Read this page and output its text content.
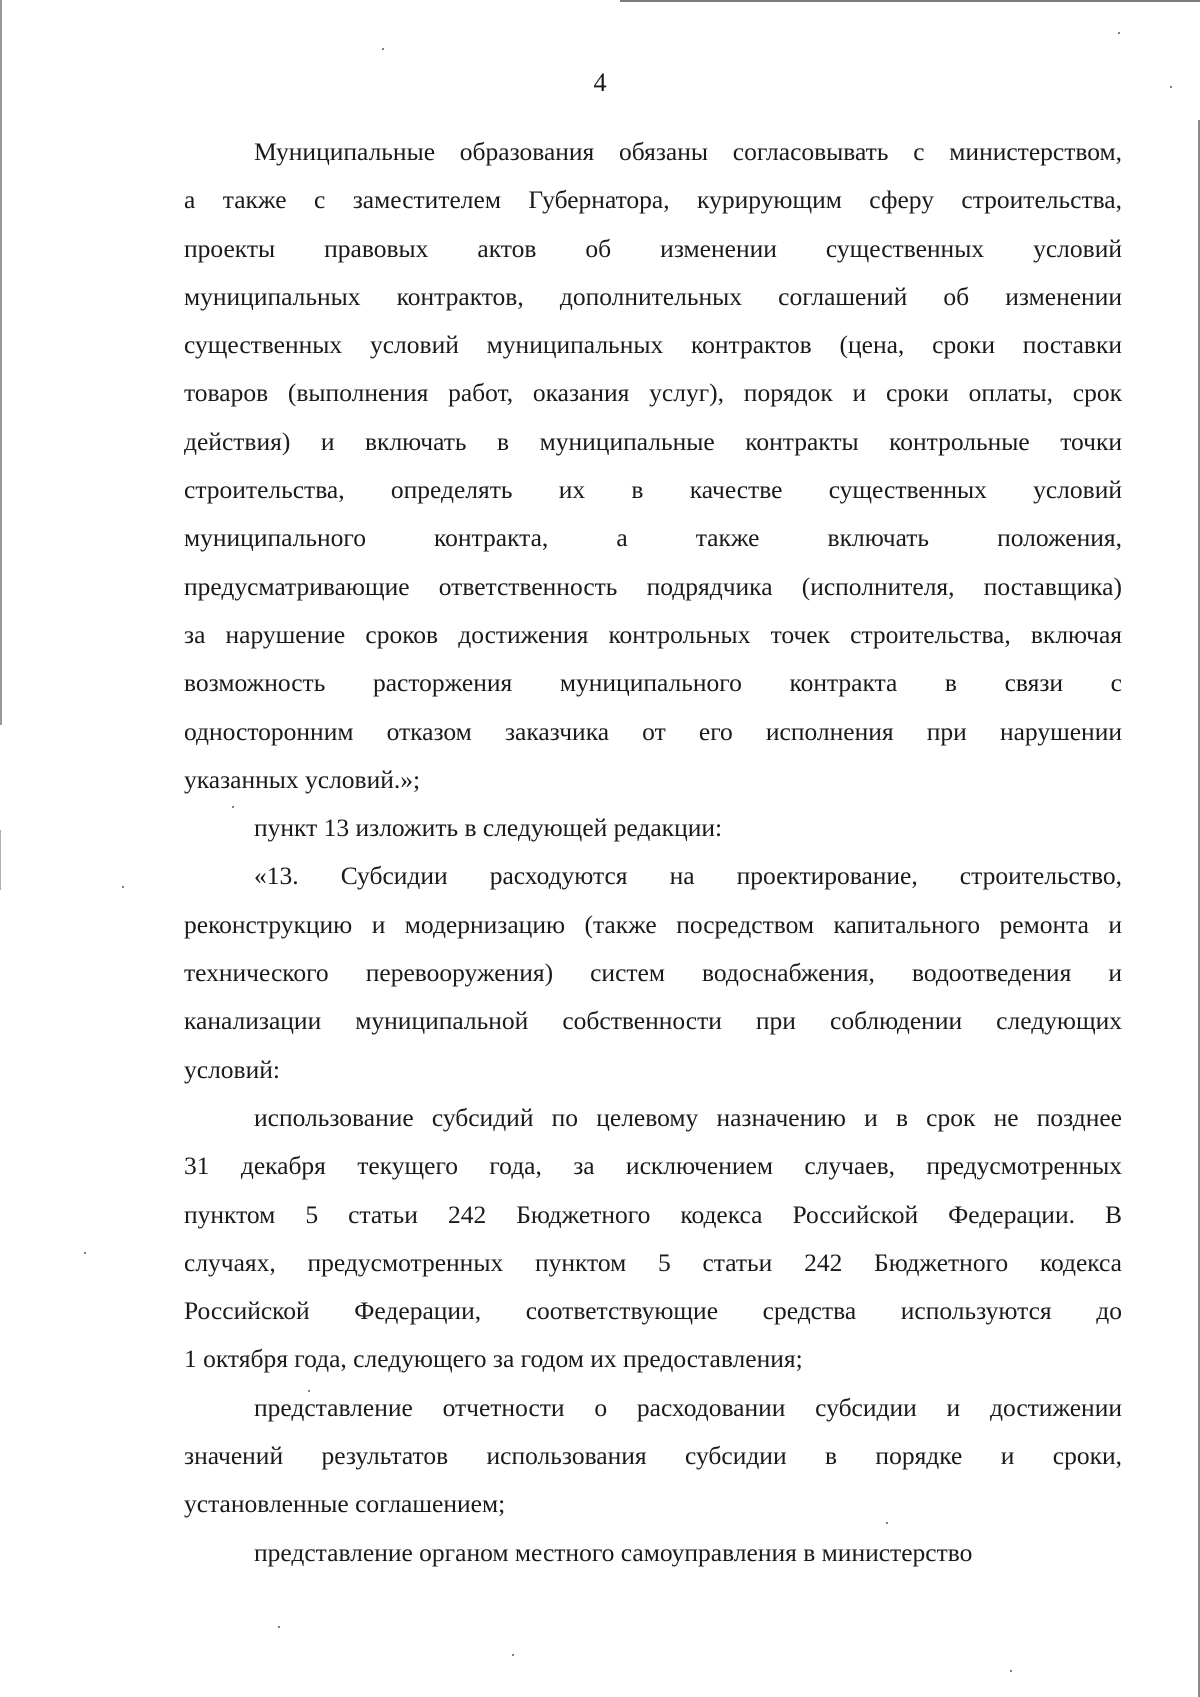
4
Муниципальные образования обязаны согласовывать с министерством,
а также с заместителем Губернатора, курирующим сферу строительства,
проекты правовых актов об изменении существенных условий
муниципальных контрактов, дополнительных соглашений об изменении
существенных условий муниципальных контрактов (цена, сроки поставки
товаров (выполнения работ, оказания услуг), порядок и сроки оплаты, срок
действия) и включать в муниципальные контракты контрольные точки
строительства, определять их в качестве существенных условий
муниципального контракта, а также включать положения,
предусматривающие ответственность подрядчика (исполнителя, поставщика)
за нарушение сроков достижения контрольных точек строительства, включая
возможность расторжения муниципального контракта в связи с
односторонним отказом заказчика от его исполнения при нарушении
указанных условий.»;
пункт 13 изложить в следующей редакции:
«13. Субсидии расходуются на проектирование, строительство,
реконструкцию и модернизацию (также посредством капитального ремонта и
технического перевооружения) систем водоснабжения, водоотведения и
канализации муниципальной собственности при соблюдении следующих
условий:
использование субсидий по целевому назначению и в срок не позднее
31 декабря текущего года, за исключением случаев, предусмотренных
пунктом 5 статьи 242 Бюджетного кодекса Российской Федерации. В
случаях, предусмотренных пунктом 5 статьи 242 Бюджетного кодекса
Российской Федерации, соответствующие средства используются до
1 октября года, следующего за годом их предоставления;
представление отчетности о расходовании субсидии и достижении
значений результатов использования субсидии в порядке и сроки,
установленные соглашением;
представление органом местного самоуправления в министерство
